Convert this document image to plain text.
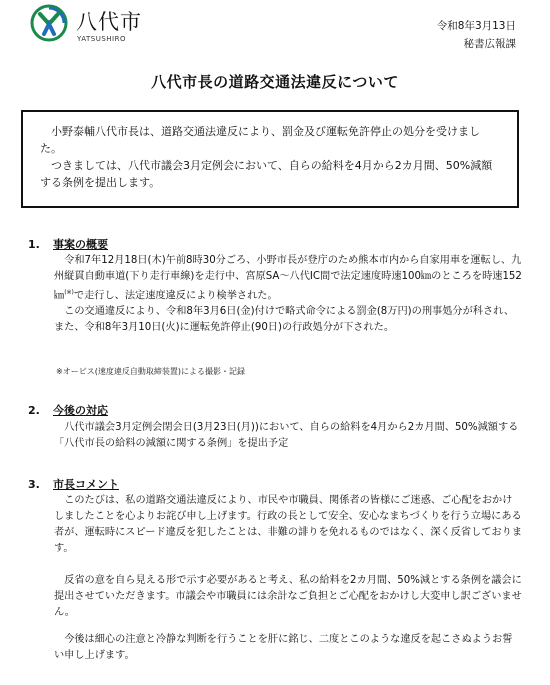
八代市
YATSUSHIRO
令和8年3月13日
秘書広報課
八代市長の道路交通法違反について

小野泰輔八代市長は、道路交通法違反により、罰金及び運転免許停止の処分を受けました。

つきましては、八代市議会3月定例会において、自らの給料を4月から2カ月間、50%減額する条例を提出します。

1. 事案の概要

令和7年12月18日(木)午前8時30分ごろ、小野市長が登庁のため熊本市内から自家用車を運転し、九州縦貫自動車道(下り走行車線)を走行中、宮原SA～八代IC間で法定速度時速100㎞のところを時速152㎞(※)で走行し、法定速度違反により検挙された。

この交通違反により、令和8年3月6日(金)付けで略式命令による罰金(8万円)の刑事処分が科され、また、令和8年3月10日(火)に運転免許停止(90日)の行政処分が下された。

※オービス(速度違反自動取締装置)による撮影・記録
2. 今後の対応

八代市議会3月定例会閉会日(3月23日(月))において、自らの給料を4月から2カ月間、50%減額する「八代市長の給料の減額に関する条例」を提出予定

3. 市長コメント

このたびは、私の道路交通法違反により、市民や市職員、関係者の皆様にご迷惑、ご心配をおかけしましたことを心よりお詫び申し上げます。行政の長として安全、安心なまちづくりを行う立場にある者が、運転時にスピード違反を犯したことは、非難の誹りを免れるものではなく、深く反省しております。

反省の意を自ら見える形で示す必要があると考え、私の給料を2カ月間、50%減とする条例を議会に提出させていただきます。市議会や市職員には余計なご負担とご心配をおかけし大変申し訳ございません。

今後は細心の注意と冷静な判断を行うことを肝に銘じ、二度とこのような違反を起こさぬようお誓い申し上げます。
